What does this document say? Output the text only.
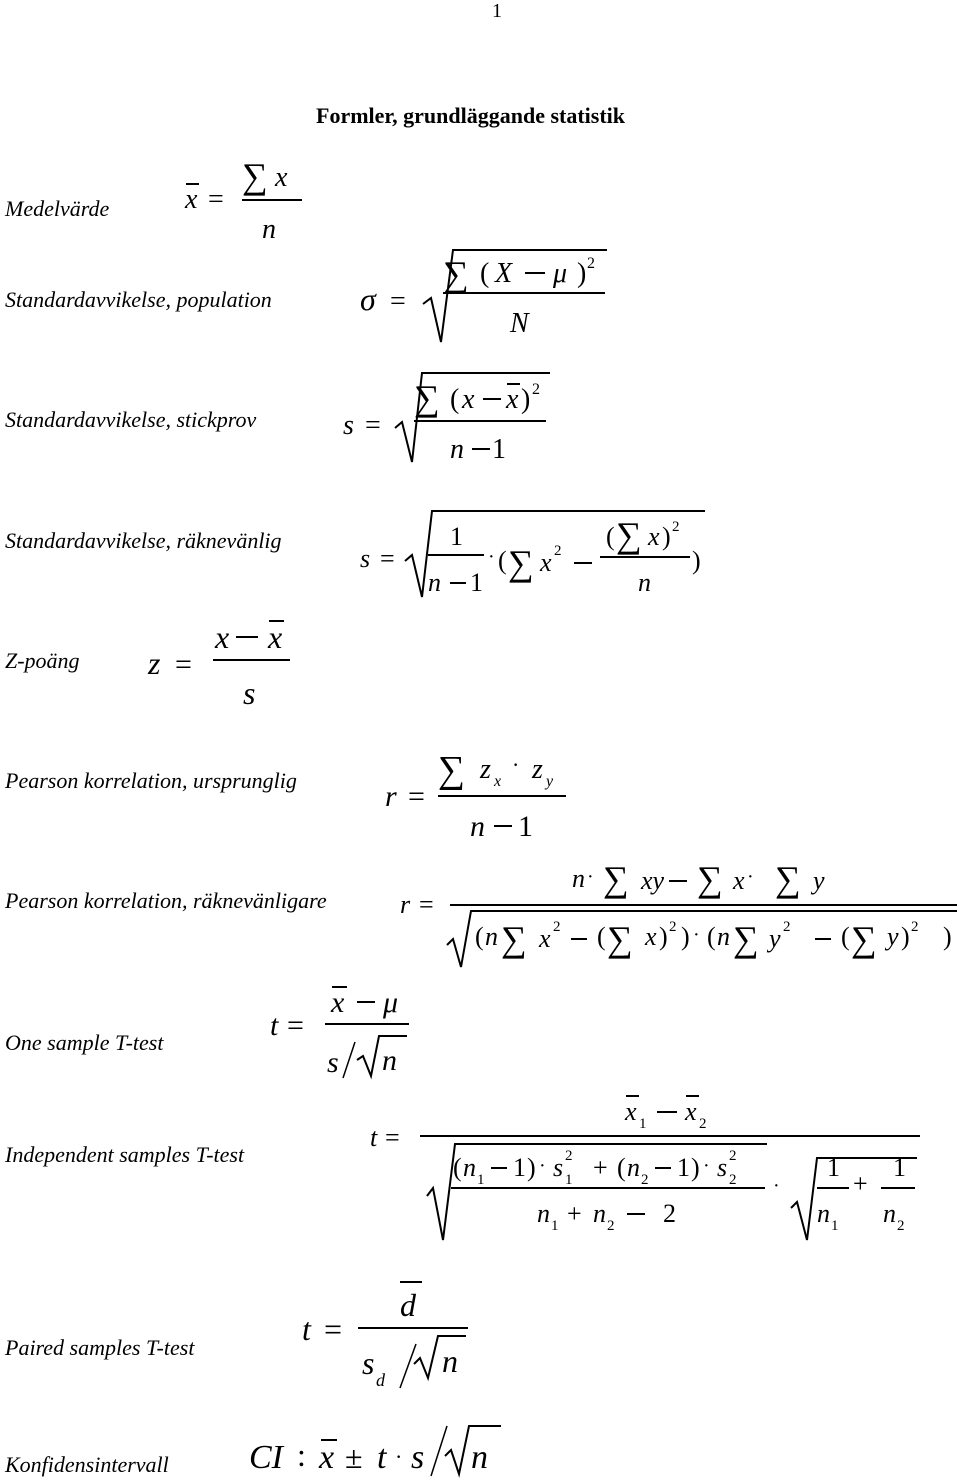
1
Formler, grundläggande statistik
Medelvärde
Standardavvikelse, population
Standardavvikelse, stickprov
Standardavvikelse, räknevänlig
Z-poäng
Pearson korrelation, ursprunglig
Pearson korrelation, räknevänligare
One sample T-test
Independent samples T-test
Paired samples T-test
Konfidensintervall
x =
∑ x
n
σ =
∑ ( X μ ) 2
N
s =
∑ ( x x ) 2
n 1
s =
1
n 1
· ( ∑ x 2 ( ∑ x ) 2
n
)
z =
x x
s
r =
∑ z x
· z y
n 1
r =
n · ∑ xy ∑ x · ∑ y
( n ∑ x 2 ( ∑ x ) 2 ) · ( n ∑ y 2 ( ∑ y ) 2 )
t =
x μ
s n
t =
x 1 x 2
( n 1 1 ) · s 1
2 + ( n 2 1 ) · s 2
2
n 1 + n 2 2
·
1
n 1
+
1
n 2
t =
d
s d
n
CI : x ± t · s n
